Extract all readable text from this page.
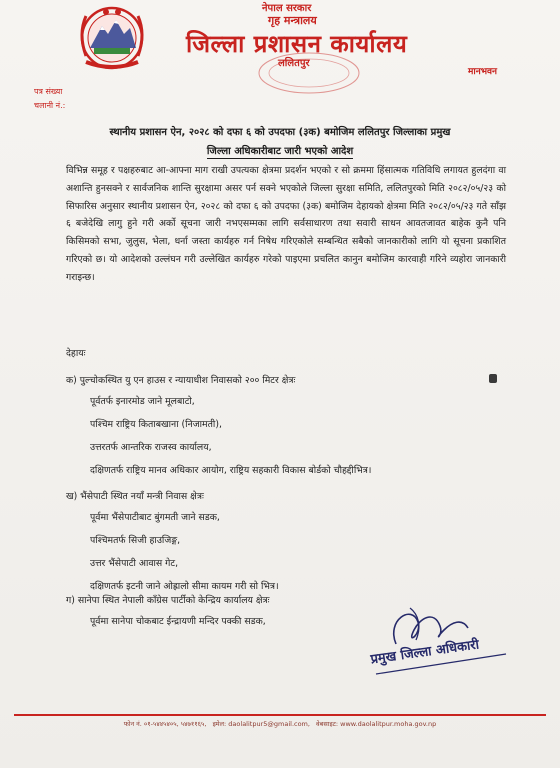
नेपाल सरकार
गृह मन्त्रालय
जिल्ला प्रशासन कार्यालय
ललितपुर
मानभवन
पत्र संख्या
चलानी नं.:
स्थानीय प्रशासन ऐन, २०२८ को दफा ६ को उपदफा (३क) बमोजिम ललितपुर जिल्लाका प्रमुख
जिल्ला अधिकारीबाट जारी भएको आदेश
विभिन्न समूह र पक्षहरुबाट आ-आफ्ना माग राखी उपत्यका क्षेत्रमा प्रदर्शन भएको र सो क्रममा हिंसात्मक गतिविधि लगायत हुलदंगा वा अशान्ति हुनसक्ने र सार्वजनिक शान्ति सुरक्षामा असर पर्न सक्ने भएकोले जिल्ला सुरक्षा समिति, ललितपुरको मिति २०८२/०५/२३ को सिफारिस अनुसार स्थानीय प्रशासन ऐन, २०२८ को दफा ६ को उपदफा (३क) बमोजिम देहायको क्षेत्रमा मिति २०८२/०५/२३ गते साँझ ६ बजेदेखि लागु हुने गरी अर्को सूचना जारी नभएसम्मका लागि सर्वसाधारण तथा सवारी साधन आवतजावत बाहेक कुनै पनि किसिमको सभा, जुलुस, भेला, धर्ना जस्ता कार्यहरु गर्न निषेध गरिएकोले सम्बन्धित सबैको जानकारीको लागि यो सूचना प्रकाशित गरिएको छ। यो आदेशको उल्लंघन गरी उल्लेखित कार्यहरु गरेको पाइएमा प्रचलित कानुन बमोजिम कारवाही गरिने व्यहोरा जानकारी गराइन्छ।
देहायः
क) पुल्चोकस्थित यु एन हाउस र न्यायाधीश निवासको २०० मिटर क्षेत्रः
पूर्वतर्फ इनारमोड जाने मूलबाटो,
पश्चिम राष्ट्रिय किताबखाना (निजामती),
उत्तरतर्फ आन्तरिक राजस्व कार्यालय,
दक्षिणतर्फ राष्ट्रिय मानव अधिकार आयोग, राष्ट्रिय सहकारी विकास बोर्डको चौहद्दीभित्र।
ख) भैंसेपाटी स्थित नयाँ मन्त्री निवास क्षेत्रः
पूर्वमा भैंसेपाटीबाट बुंगमती जाने सडक,
पश्चिमतर्फ सिजी हाउजिङ्ग,
उत्तर भैंसेपाटी आवास गेट,
दक्षिणतर्फ इटनी जाने ओह्रालो सीमा कायम गरी सो भित्र।
ग) सानेपा स्थित नेपाली काँग्रेस पार्टीको केन्द्रिय कार्यालय क्षेत्रः
पूर्वमा सानेपा चोकबाट ईन्द्रायणी मन्दिर पक्की सडक,
प्रमुख जिल्ला अधिकारी
फोन नं. ०१-५४४५४०५, ५४७११६५, इमेल: daolalitpur5@gmail.com, वेबसाइट: www.daolalitpur.moha.gov.np
